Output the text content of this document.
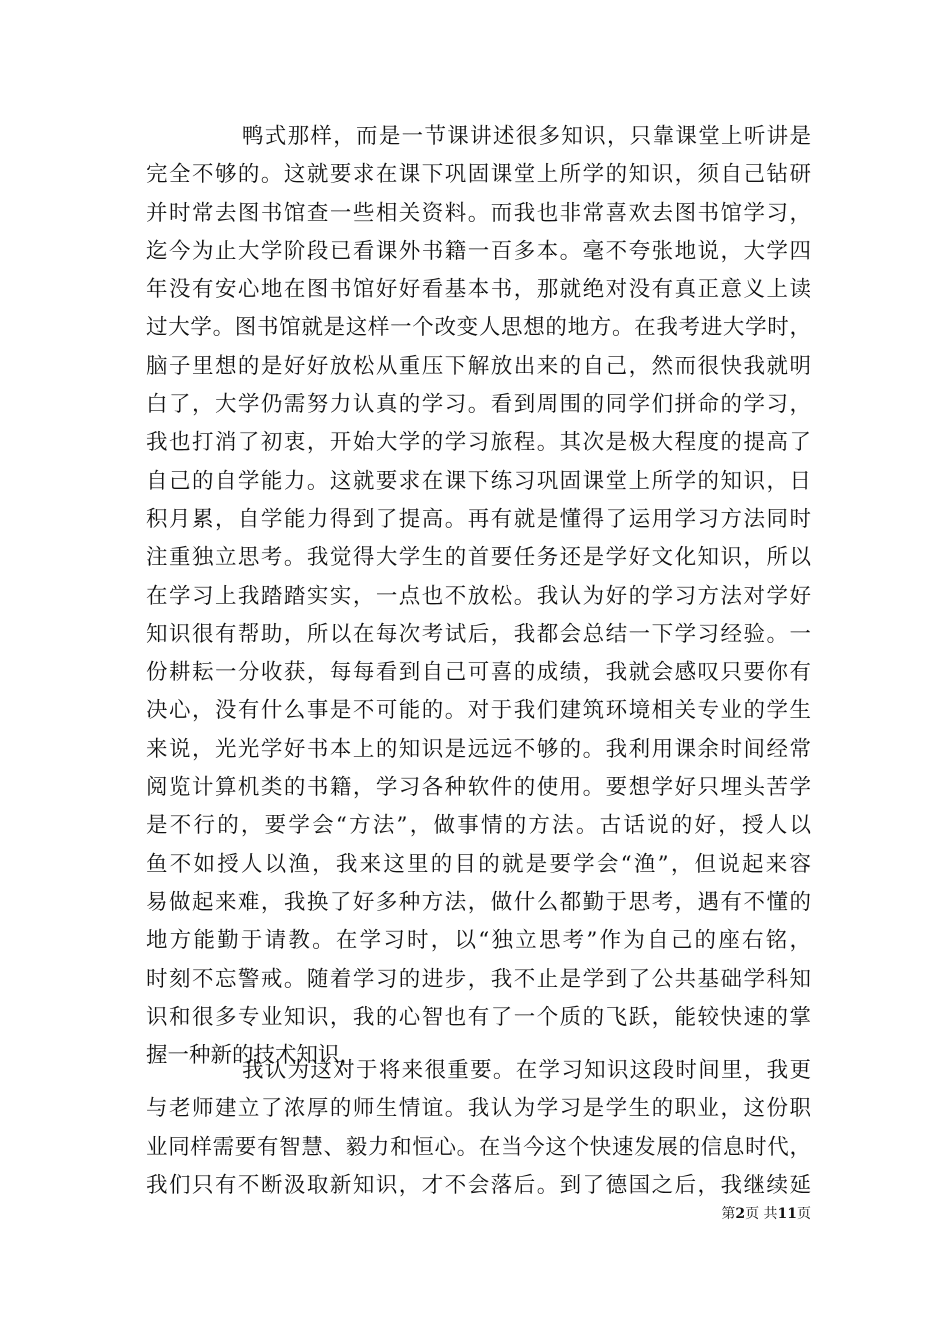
鸭式那样，而是一节课讲述很多知识，只靠课堂上听讲是
完全不够的。这就要求在课下巩固课堂上所学的知识，须自己钻研
并时常去图书馆查一些相关资料。而我也非常喜欢去图书馆学习，
迄今为止大学阶段已看课外书籍一百多本。毫不夸张地说，大学四
年没有安心地在图书馆好好看基本书，那就绝对没有真正意义上读
过大学。图书馆就是这样一个改变人思想的地方。在我考进大学时，
脑子里想的是好好放松从重压下解放出来的自己，然而很快我就明
白了，大学仍需努力认真的学习。看到周围的同学们拼命的学习，
我也打消了初衷，开始大学的学习旅程。其次是极大程度的提高了
自己的自学能力。这就要求在课下练习巩固课堂上所学的知识，日
积月累，自学能力得到了提高。再有就是懂得了运用学习方法同时
注重独立思考。我觉得大学生的首要任务还是学好文化知识，所以
在学习上我踏踏实实，一点也不放松。我认为好的学习方法对学好
知识很有帮助，所以在每次考试后，我都会总结一下学习经验。一
份耕耘一分收获，每每看到自己可喜的成绩，我就会感叹只要你有
决心，没有什么事是不可能的。对于我们建筑环境相关专业的学生
来说，光光学好书本上的知识是远远不够的。我利用课余时间经常
阅览计算机类的书籍，学习各种软件的使用。要想学好只埋头苦学
是不行的，要学会“方法”，做事情的方法。古话说的好，授人以
鱼不如授人以渔，我来这里的目的就是要学会“渔”，但说起来容
易做起来难，我换了好多种方法，做什么都勤于思考，遇有不懂的
地方能勤于请教。在学习时，以“独立思考”作为自己的座右铭，
时刻不忘警戒。随着学习的进步，我不止是学到了公共基础学科知
识和很多专业知识，我的心智也有了一个质的飞跃，能较快速的掌
握一种新的技术知识，
我认为这对于将来很重要。在学习知识这段时间里，我更
与老师建立了浓厚的师生情谊。我认为学习是学生的职业，这份职
业同样需要有智慧、毅力和恒心。在当今这个快速发展的信息时代，
我们只有不断汲取新知识，才不会落后。到了德国之后，我继续延
第2页 共11页
